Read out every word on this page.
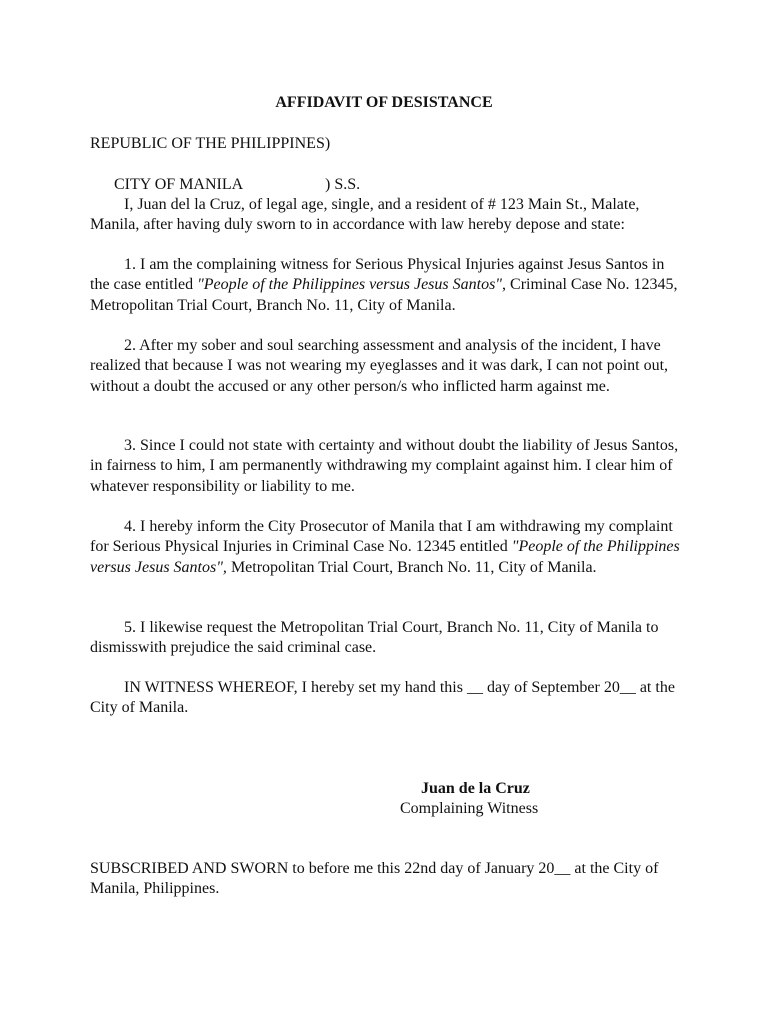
AFFIDAVIT OF DESISTANCE

REPUBLIC OF THE PHILIPPINES)

CITY OF MANILA	) S.S.

I, Juan del la Cruz, of legal age, single, and a resident of # 123 Main St., Malate, Manila, after having duly sworn to in accordance with law hereby depose and state:

1. I am the complaining witness for Serious Physical Injuries against Jesus Santos in the case entitled "People of the Philippines versus Jesus Santos", Criminal Case No. 12345, Metropolitan Trial Court, Branch No. 11, City of Manila.

2. After my sober and soul searching assessment and analysis of the incident, I have realized that because I was not wearing my eyeglasses and it was dark, I can not point out, without a doubt the accused or any other person/s who inflicted harm against me.

3. Since I could not state with certainty and without doubt the liability of Jesus Santos, in fairness to him, I am permanently withdrawing my complaint against him. I clear him of whatever responsibility or liability to me.

4. I hereby inform the City Prosecutor of Manila that I am withdrawing my complaint for Serious Physical Injuries in Criminal Case No. 12345 entitled "People of the Philippines versus Jesus Santos", Metropolitan Trial Court, Branch No. 11, City of Manila.

5. I likewise request the Metropolitan Trial Court, Branch No. 11, City of Manila to dismisswith prejudice the said criminal case.

IN WITNESS WHEREOF, I hereby set my hand this __ day of September 20__ at the City of Manila.

Juan de la Cruz
Complaining Witness

SUBSCRIBED AND SWORN to before me this 22nd day of January 20__ at the City of Manila, Philippines.
